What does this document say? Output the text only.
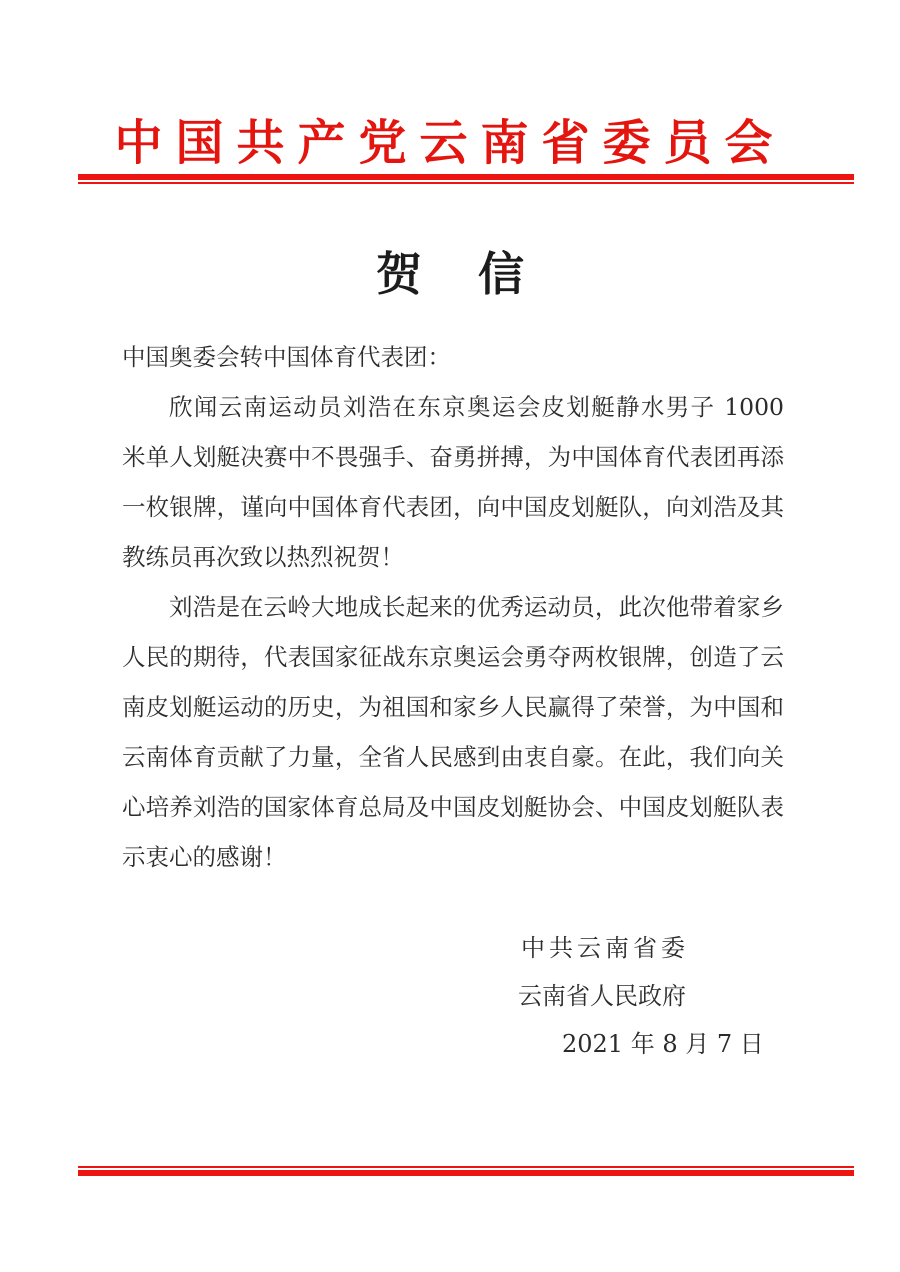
中国共产党云南省委员会
贺 信

中国奥委会转中国体育代表团：

欣闻云南运动员刘浩在东京奥运会皮划艇静水男子 1000 米单人划艇决赛中不畏强手、奋勇拼搏，为中国体育代表团再添一枚银牌，谨向中国体育代表团，向中国皮划艇队，向刘浩及其教练员再次致以热烈祝贺！

刘浩是在云岭大地成长起来的优秀运动员，此次他带着家乡人民的期待，代表国家征战东京奥运会勇夺两枚银牌，创造了云南皮划艇运动的历史，为祖国和家乡人民赢得了荣誉，为中国和云南体育贡献了力量，全省人民感到由衷自豪。在此，我们向关心培养刘浩的国家体育总局及中国皮划艇协会、中国皮划艇队表示衷心的感谢！

中共云南省委
云南省人民政府
2021 年 8 月 7 日
